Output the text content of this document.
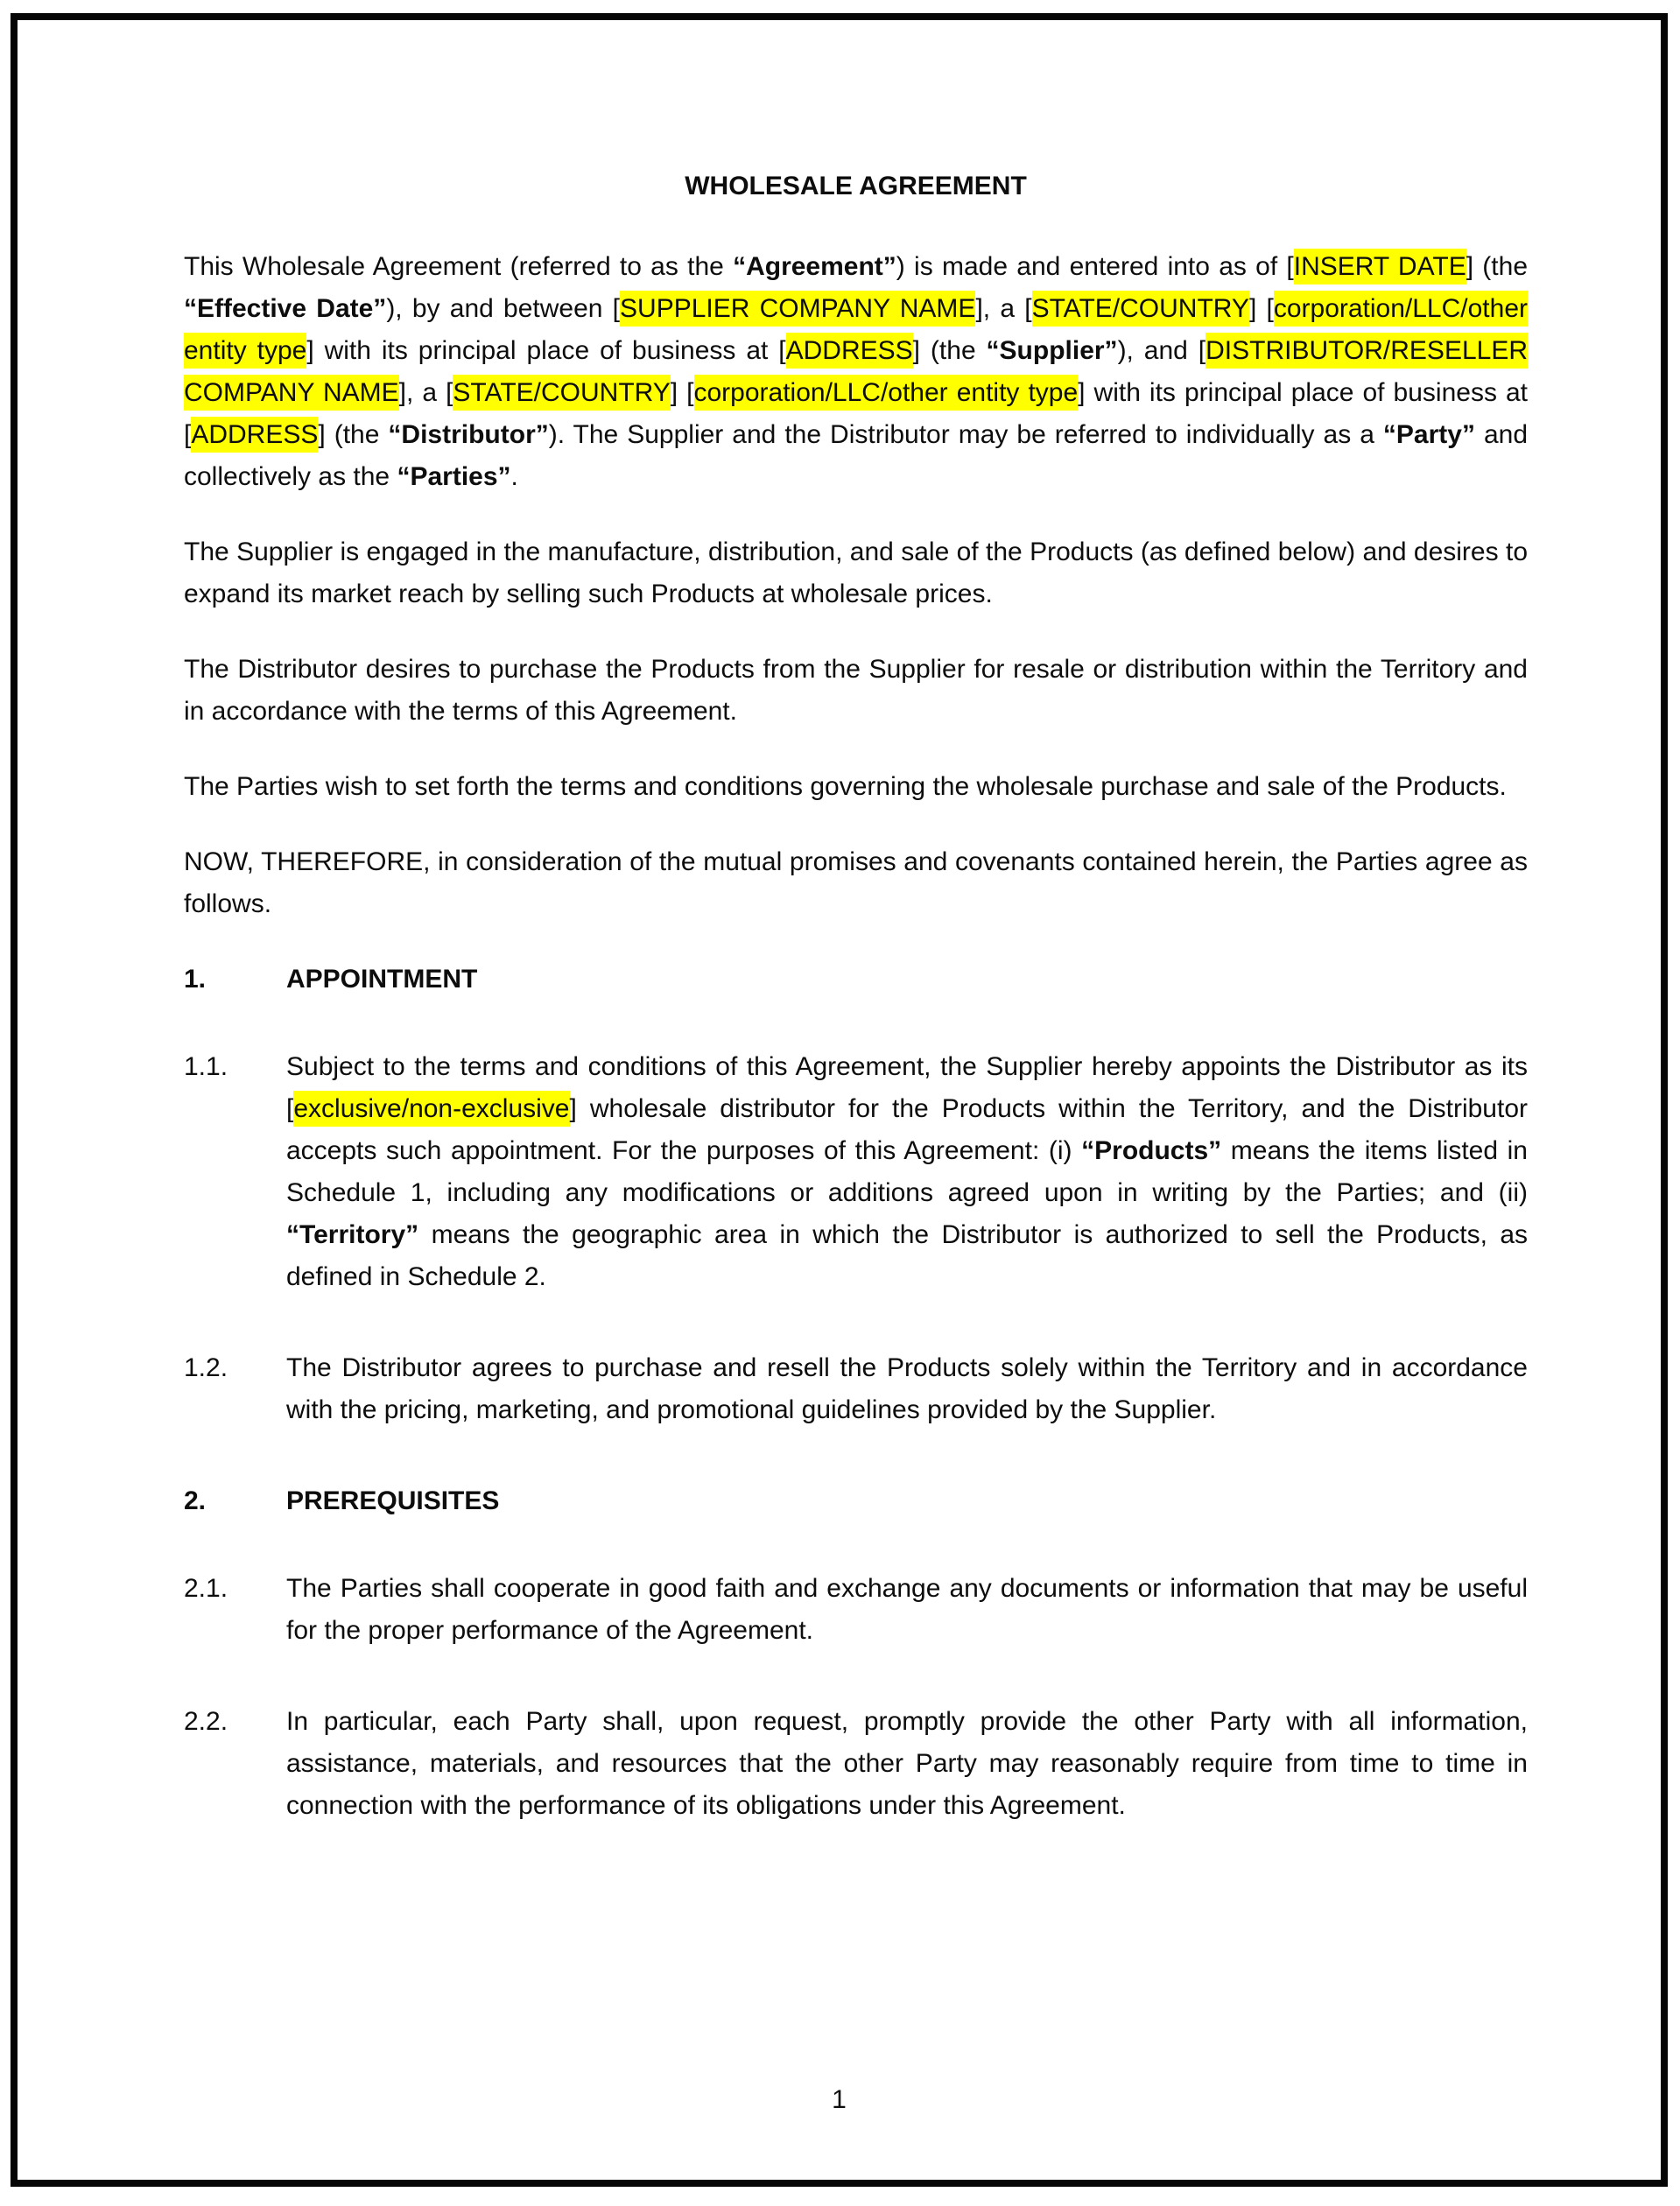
WHOLESALE AGREEMENT

This Wholesale Agreement (referred to as the “Agreement”) is made and entered into as of [INSERT DATE] (the “Effective Date”), by and between [SUPPLIER COMPANY NAME], a [STATE/COUNTRY] [corporation/LLC/other entity type] with its principal place of business at [ADDRESS] (the “Supplier”), and [DISTRIBUTOR/RESELLER COMPANY NAME], a [STATE/COUNTRY] [corporation/LLC/other entity type] with its principal place of business at [ADDRESS] (the “Distributor”). The Supplier and the Distributor may be referred to individually as a “Party” and collectively as the “Parties”.

The Supplier is engaged in the manufacture, distribution, and sale of the Products (as defined below) and desires to expand its market reach by selling such Products at wholesale prices.

The Distributor desires to purchase the Products from the Supplier for resale or distribution within the Territory and in accordance with the terms of this Agreement.

The Parties wish to set forth the terms and conditions governing the wholesale purchase and sale of the Products.

NOW, THEREFORE, in consideration of the mutual promises and covenants contained herein, the Parties agree as follows.

1.	APPOINTMENT
1.1.	Subject to the terms and conditions of this Agreement, the Supplier hereby appoints the Distributor as its [exclusive/non-exclusive] wholesale distributor for the Products within the Territory, and the Distributor accepts such appointment. For the purposes of this Agreement: (i) “Products” means the items listed in Schedule 1, including any modifications or additions agreed upon in writing by the Parties; and (ii) “Territory” means the geographic area in which the Distributor is authorized to sell the Products, as defined in Schedule 2.
1.2.	The Distributor agrees to purchase and resell the Products solely within the Territory and in accordance with the pricing, marketing, and promotional guidelines provided by the Supplier.
2.	PREREQUISITES
2.1.	The Parties shall cooperate in good faith and exchange any documents or information that may be useful for the proper performance of the Agreement.
2.2.	In particular, each Party shall, upon request, promptly provide the other Party with all information, assistance, materials, and resources that the other Party may reasonably require from time to time in connection with the performance of its obligations under this Agreement.
1
